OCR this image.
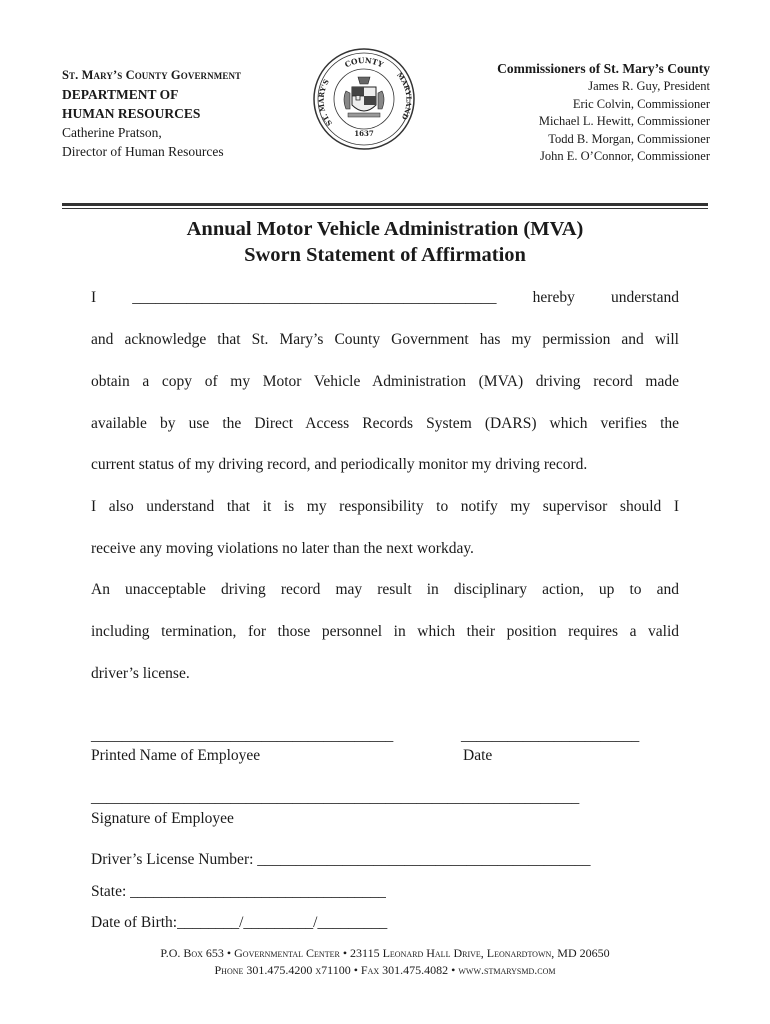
St. Mary’s County Government
DEPARTMENT OF
HUMAN RESOURCES
Catherine Pratson,
Director of Human Resources
COUNTY
ST. MARY'S	MARYLAND
1637
Commissioners of St. Mary’s County
James R. Guy, President
Eric Colvin, Commissioner
Michael L. Hewitt, Commissioner
Todd B. Morgan, Commissioner
John E. O’Connor, Commissioner
Annual Motor Vehicle Administration (MVA)
Sworn Statement of Affirmation
I _______________________________________________ hereby understand
and acknowledge that St. Mary’s County Government has my permission and will
obtain a copy of my Motor Vehicle Administration (MVA) driving record made
available by use the Direct Access Records System (DARS) which verifies the
current status of my driving record, and periodically monitor my driving record.
I also understand that it is my responsibility to notify my supervisor should I
receive any moving violations no later than the next workday.
An unacceptable driving record may result in disciplinary action, up to and
including termination, for those personnel in which their position requires a valid
driver’s license.
_______________________________________
Printed Name of Employee
_______________________
Date
_______________________________________________________________
Signature of Employee
Driver’s License Number: ___________________________________________
State: _________________________________
Date of Birth:________/_________/_________
P.O. Box 653 • Governmental Center • 23115 Leonard Hall Drive, Leonardtown, MD 20650
Phone 301.475.4200 x71100 • Fax 301.475.4082 • www.stmarysmd.com
